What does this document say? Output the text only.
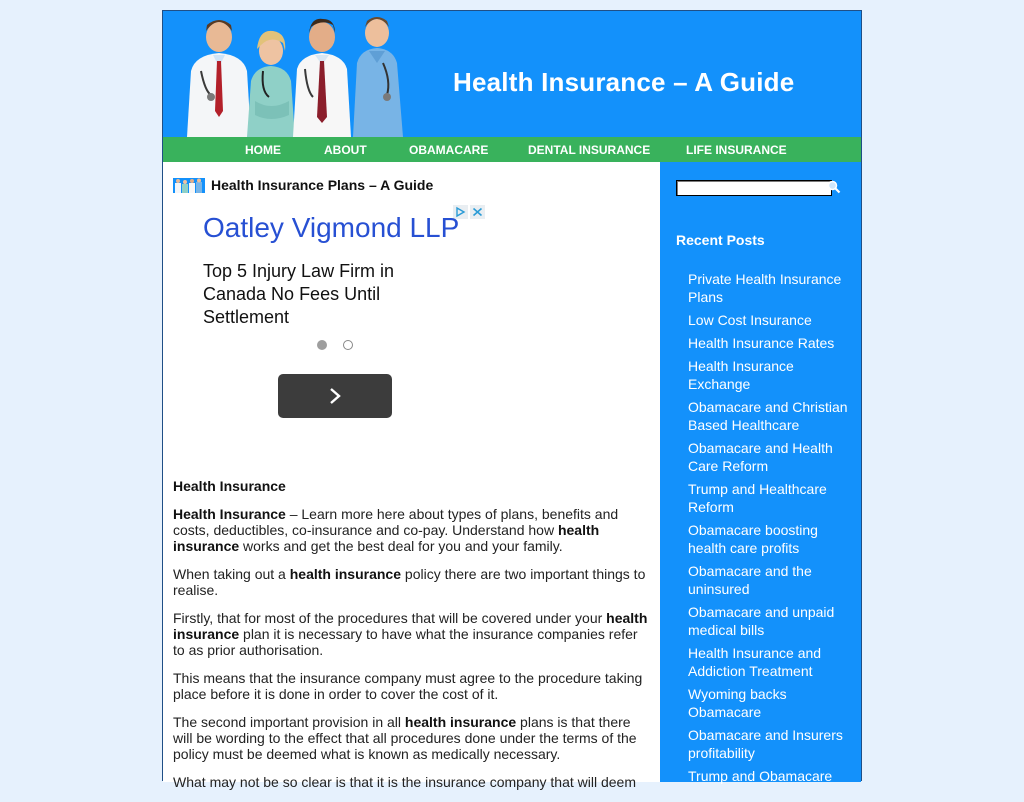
Health Insurance – A Guide
HOME	ABOUT	OBAMACARE	DENTAL INSURANCE	LIFE INSURANCE
Health Insurance Plans – A Guide
Oatley Vigmond LLP
Top 5 Injury Law Firm in Canada No Fees Until Settlement
Health Insurance

Health Insurance – Learn more here about types of plans, benefits and costs, deductibles, co-insurance and co-pay. Understand how health insurance works and get the best deal for you and your family.

When taking out a health insurance policy there are two important things to realise.

Firstly, that for most of the procedures that will be covered under your health insurance plan it is necessary to have what the insurance companies refer to as prior authorisation.

This means that the insurance company must agree to the procedure taking place before it is done in order to cover the cost of it.

The second important provision in all health insurance plans is that there will be wording to the effect that all procedures done under the terms of the policy must be deemed what is known as medically necessary.

What may not be so clear is that it is the insurance company that will deem

Recent Posts
Private Health Insurance Plans
Low Cost Insurance
Health Insurance Rates
Health Insurance Exchange
Obamacare and Christian Based Healthcare
Obamacare and Health Care Reform
Trump and Healthcare Reform
Obamacare boosting health care profits
Obamacare and the uninsured
Obamacare and unpaid medical bills
Health Insurance and Addiction Treatment
Wyoming backs Obamacare
Obamacare and Insurers profitability
Trump and Obamacare
